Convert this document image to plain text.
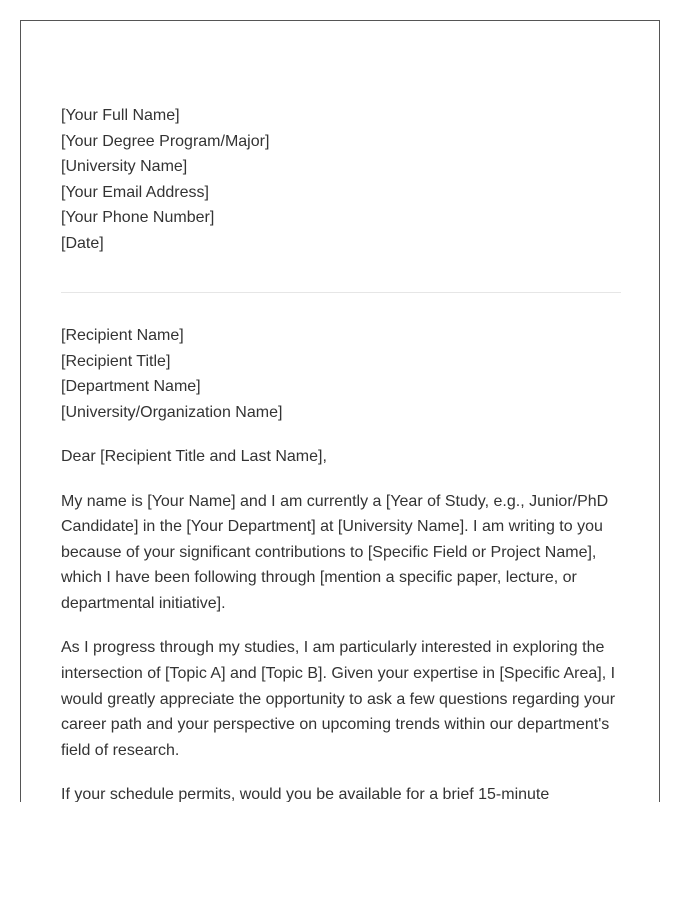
[Your Full Name]
[Your Degree Program/Major]
[University Name]
[Your Email Address]
[Your Phone Number]
[Date]
[Recipient Name]
[Recipient Title]
[Department Name]
[University/Organization Name]
Dear [Recipient Title and Last Name],
My name is [Your Name] and I am currently a [Year of Study, e.g., Junior/PhD Candidate] in the [Your Department] at [University Name]. I am writing to you because of your significant contributions to [Specific Field or Project Name], which I have been following through [mention a specific paper, lecture, or departmental initiative].
As I progress through my studies, I am particularly interested in exploring the intersection of [Topic A] and [Topic B]. Given your expertise in [Specific Area], I would greatly appreciate the opportunity to ask a few questions regarding your career path and your perspective on upcoming trends within our department's field of research.
If your schedule permits, would you be available for a brief 15-minute
